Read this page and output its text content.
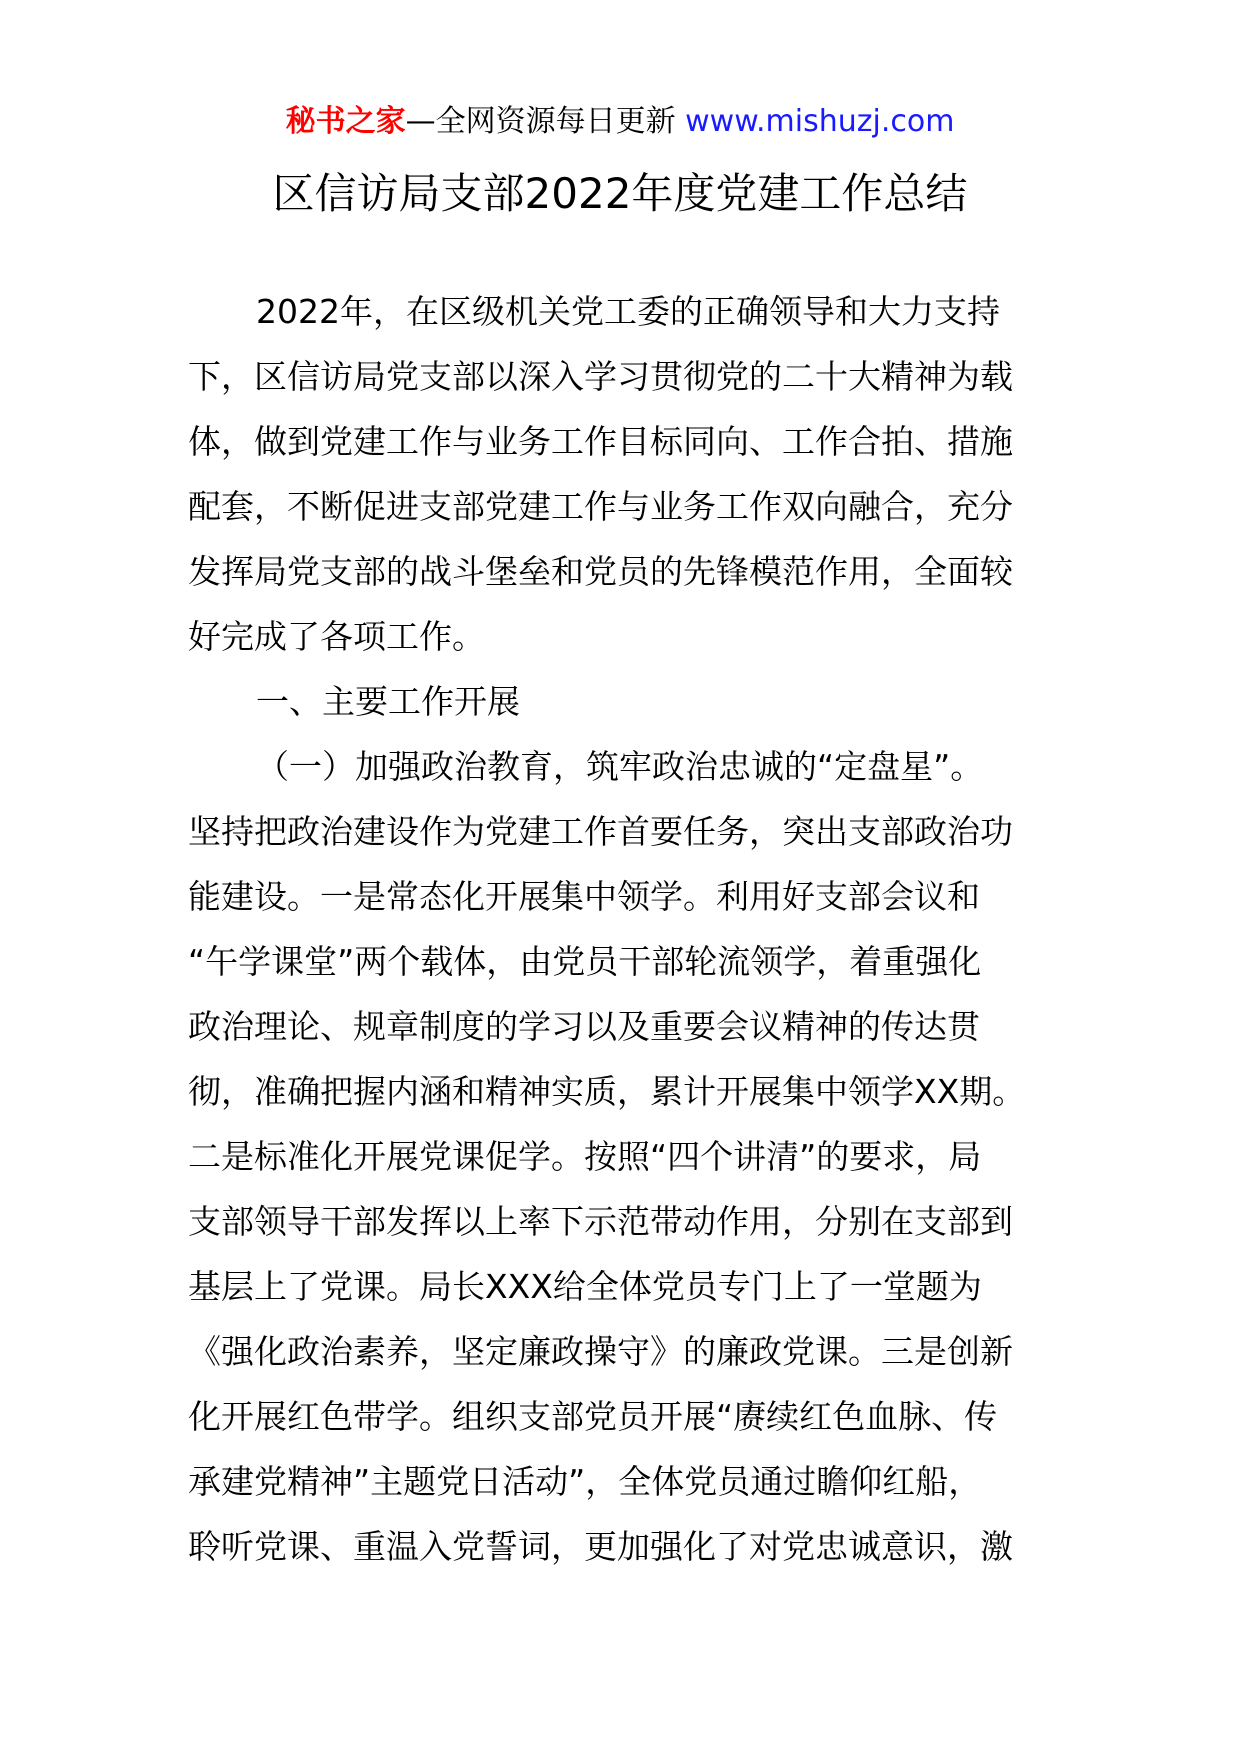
秘书之家—全网资源每日更新 www.mishuzj.com
区信访局支部2022年度党建工作总结
2022年，在区级机关党工委的正确领导和大力支持
下，区信访局党支部以深入学习贯彻党的二十大精神为载
体，做到党建工作与业务工作目标同向、工作合拍、措施
配套，不断促进支部党建工作与业务工作双向融合，充分
发挥局党支部的战斗堡垒和党员的先锋模范作用，全面较
好完成了各项工作。
一、主要工作开展
（一）加强政治教育，筑牢政治忠诚的“定盘星”。
坚持把政治建设作为党建工作首要任务，突出支部政治功
能建设。一是常态化开展集中领学。利用好支部会议和
“午学课堂”两个载体，由党员干部轮流领学，着重强化
政治理论、规章制度的学习以及重要会议精神的传达贯
彻，准确把握内涵和精神实质，累计开展集中领学XX期。
二是标准化开展党课促学。按照“四个讲清”的要求，局
支部领导干部发挥以上率下示范带动作用，分别在支部到
基层上了党课。局长XXX给全体党员专门上了一堂题为
《强化政治素养，坚定廉政操守》的廉政党课。三是创新
化开展红色带学。组织支部党员开展“赓续红色血脉、传
承建党精神”主题党日活动”，全体党员通过瞻仰红船，
聆听党课、重温入党誓词，更加强化了对党忠诚意识，激
